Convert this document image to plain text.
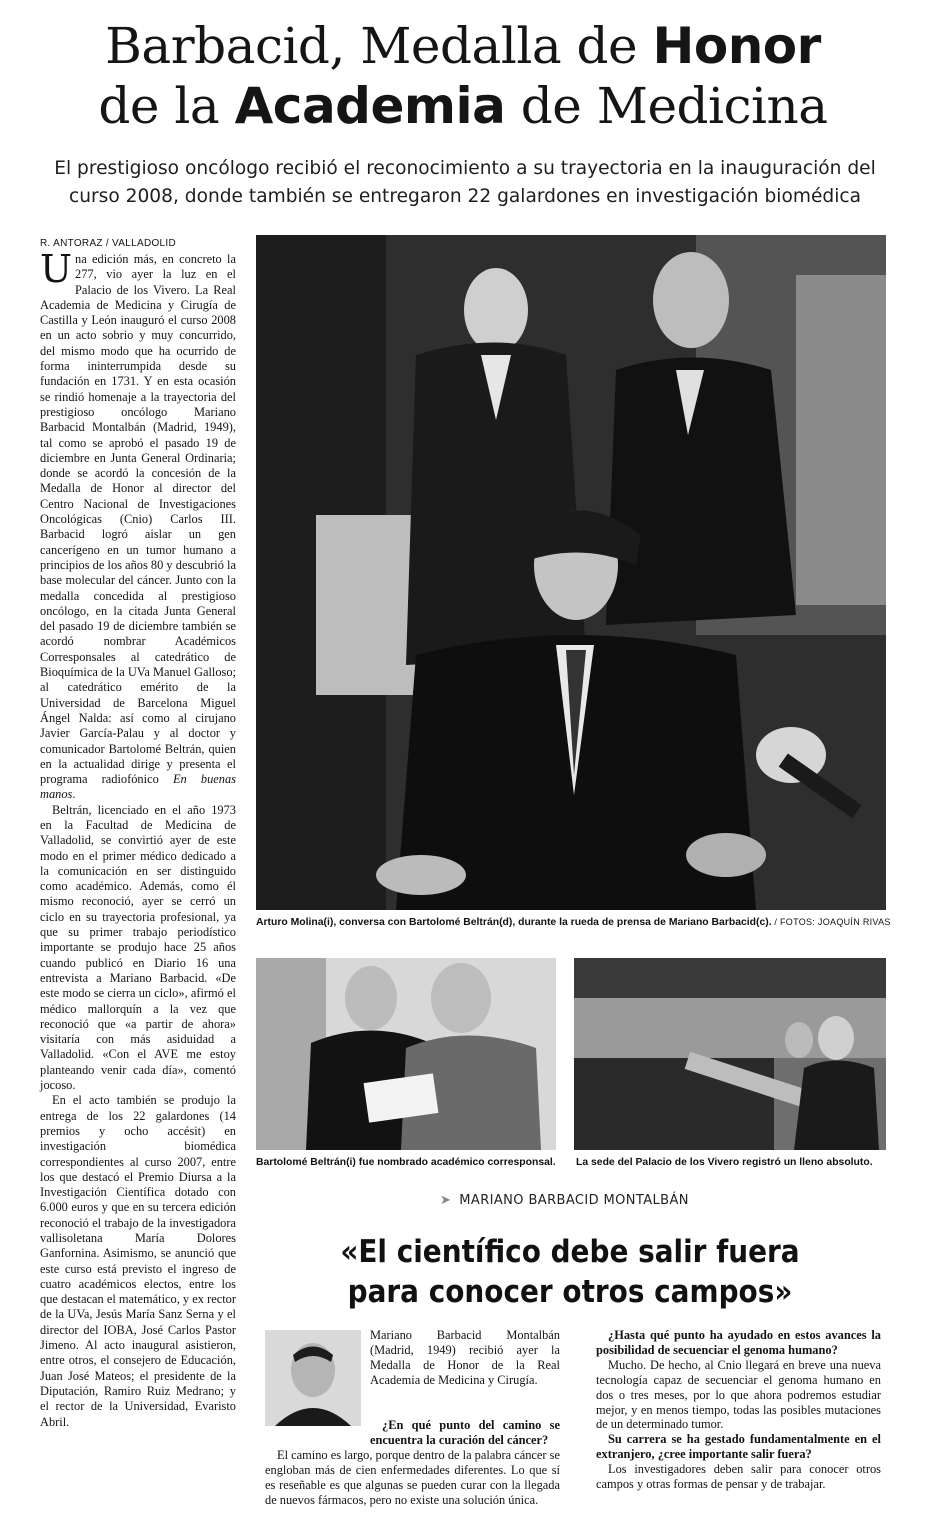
Barbacid, Medalla de Honor
de la Academia de Medicina
El prestigioso oncólogo recibió el reconocimiento a su trayectoria en la inauguración del curso 2008, donde también se entregaron 22 galardones en investigación biomédica
R. ANTORAZ / VALLADOLID

Una edición más, en concreto la 277, vio ayer la luz en el Palacio de los Vivero. La Real Academia de Medicina y Cirugía de Castilla y León inauguró el curso 2008 en un acto sobrio y muy concurrido, del mismo modo que ha ocurrido de forma ininterrumpida desde su fundación en 1731. Y en esta ocasión se rindió homenaje a la trayectoria del prestigioso oncólogo Mariano Barbacid Montalbán (Madrid, 1949), tal como se aprobó el pasado 19 de diciembre en Junta General Ordinaria; donde se acordó la concesión de la Medalla de Honor al director del Centro Nacional de Investigaciones Oncológicas (Cnio) Carlos III. Barbacid logró aislar un gen cancerígeno en un tumor humano a principios de los años 80 y descubrió la base molecular del cáncer. Junto con la medalla concedida al prestigioso oncólogo, en la citada Junta General del pasado 19 de diciembre también se acordó nombrar Académicos Corresponsales al catedrático de Bioquímica de la UVa Manuel Galloso; al catedrático emérito de la Universidad de Barcelona Miguel Ángel Nalda: así como al cirujano Javier García-Palau y al doctor y comunicador Bartolomé Beltrán, quien en la actualidad dirige y presenta el programa radiofónico En buenas manos.

Beltrán, licenciado en el año 1973 en la Facultad de Medicina de Valladolid, se convirtió ayer de este modo en el primer médico dedicado a la comunicación en ser distinguido como académico. Además, como él mismo reconoció, ayer se cerró un ciclo en su trayectoria profesional, ya que su primer trabajo periodístico importante se produjo hace 25 años cuando publicó en Diario 16 una entrevista a Mariano Barbacid. «De este modo se cierra un ciclo», afirmó el médico mallorquín a la vez que reconoció que «a partir de ahora» visitaría con más asiduidad a Valladolid. «Con el AVE me estoy planteando venir cada día», comentó jocoso.

En el acto también se produjo la entrega de los 22 galardones (14 premios y ocho accésit) en investigación biomédica correspondientes al curso 2007, entre los que destacó el Premio Diursa a la Investigación Científica dotado con 6.000 euros y que en su tercera edición reconoció el trabajo de la investigadora vallisoletana María Dolores Ganfornina. Asimismo, se anunció que este curso está previsto el ingreso de cuatro académicos electos, entre los que destacan el matemático, y ex rector de la UVa, Jesús María Sanz Serna y el director del IOBA, José Carlos Pastor Jimeno. Al acto inaugural asistieron, entre otros, el consejero de Educación, Juan José Mateos; el presidente de la Diputación, Ramiro Ruiz Medrano; y el rector de la Universidad, Evaristo Abril.

Arturo Molina(i), conversa con Bartolomé Beltrán(d), durante la rueda de prensa de Mariano Barbacid(c). / FOTOS: JOAQUÍN RIVAS
Bartolomé Beltrán(i) fue nombrado académico corresponsal.	La sede del Palacio de los Vivero registró un lleno absoluto.
➤ MARIANO BARBACID MONTALBÁN
«El científico debe salir fuera
para conocer otros campos»

Mariano Barbacid Montalbán (Madrid, 1949) recibió ayer la Medalla de Honor de la Real Academia de Medicina y Cirugía.

¿En qué punto del camino se encuentra la curación del cáncer?

El camino es largo, porque dentro de la palabra cáncer se engloban más de cien enfermedades diferentes. Lo que sí es reseñable es que algunas se pueden curar con la llegada de nuevos fármacos, pero no existe una solución única.

¿Hasta qué punto ha ayudado en estos avances la posibilidad de secuenciar el genoma humano?

Mucho. De hecho, al Cnio llegará en breve una nueva tecnología capaz de secuenciar el genoma humano en dos o tres meses, por lo que ahora podremos estudiar mejor, y en menos tiempo, todas las posibles mutaciones de un determinado tumor.

Su carrera se ha gestado fundamentalmente en el extranjero, ¿cree importante salir fuera?

Los investigadores deben salir para conocer otros campos y otras formas de pensar y de trabajar.
